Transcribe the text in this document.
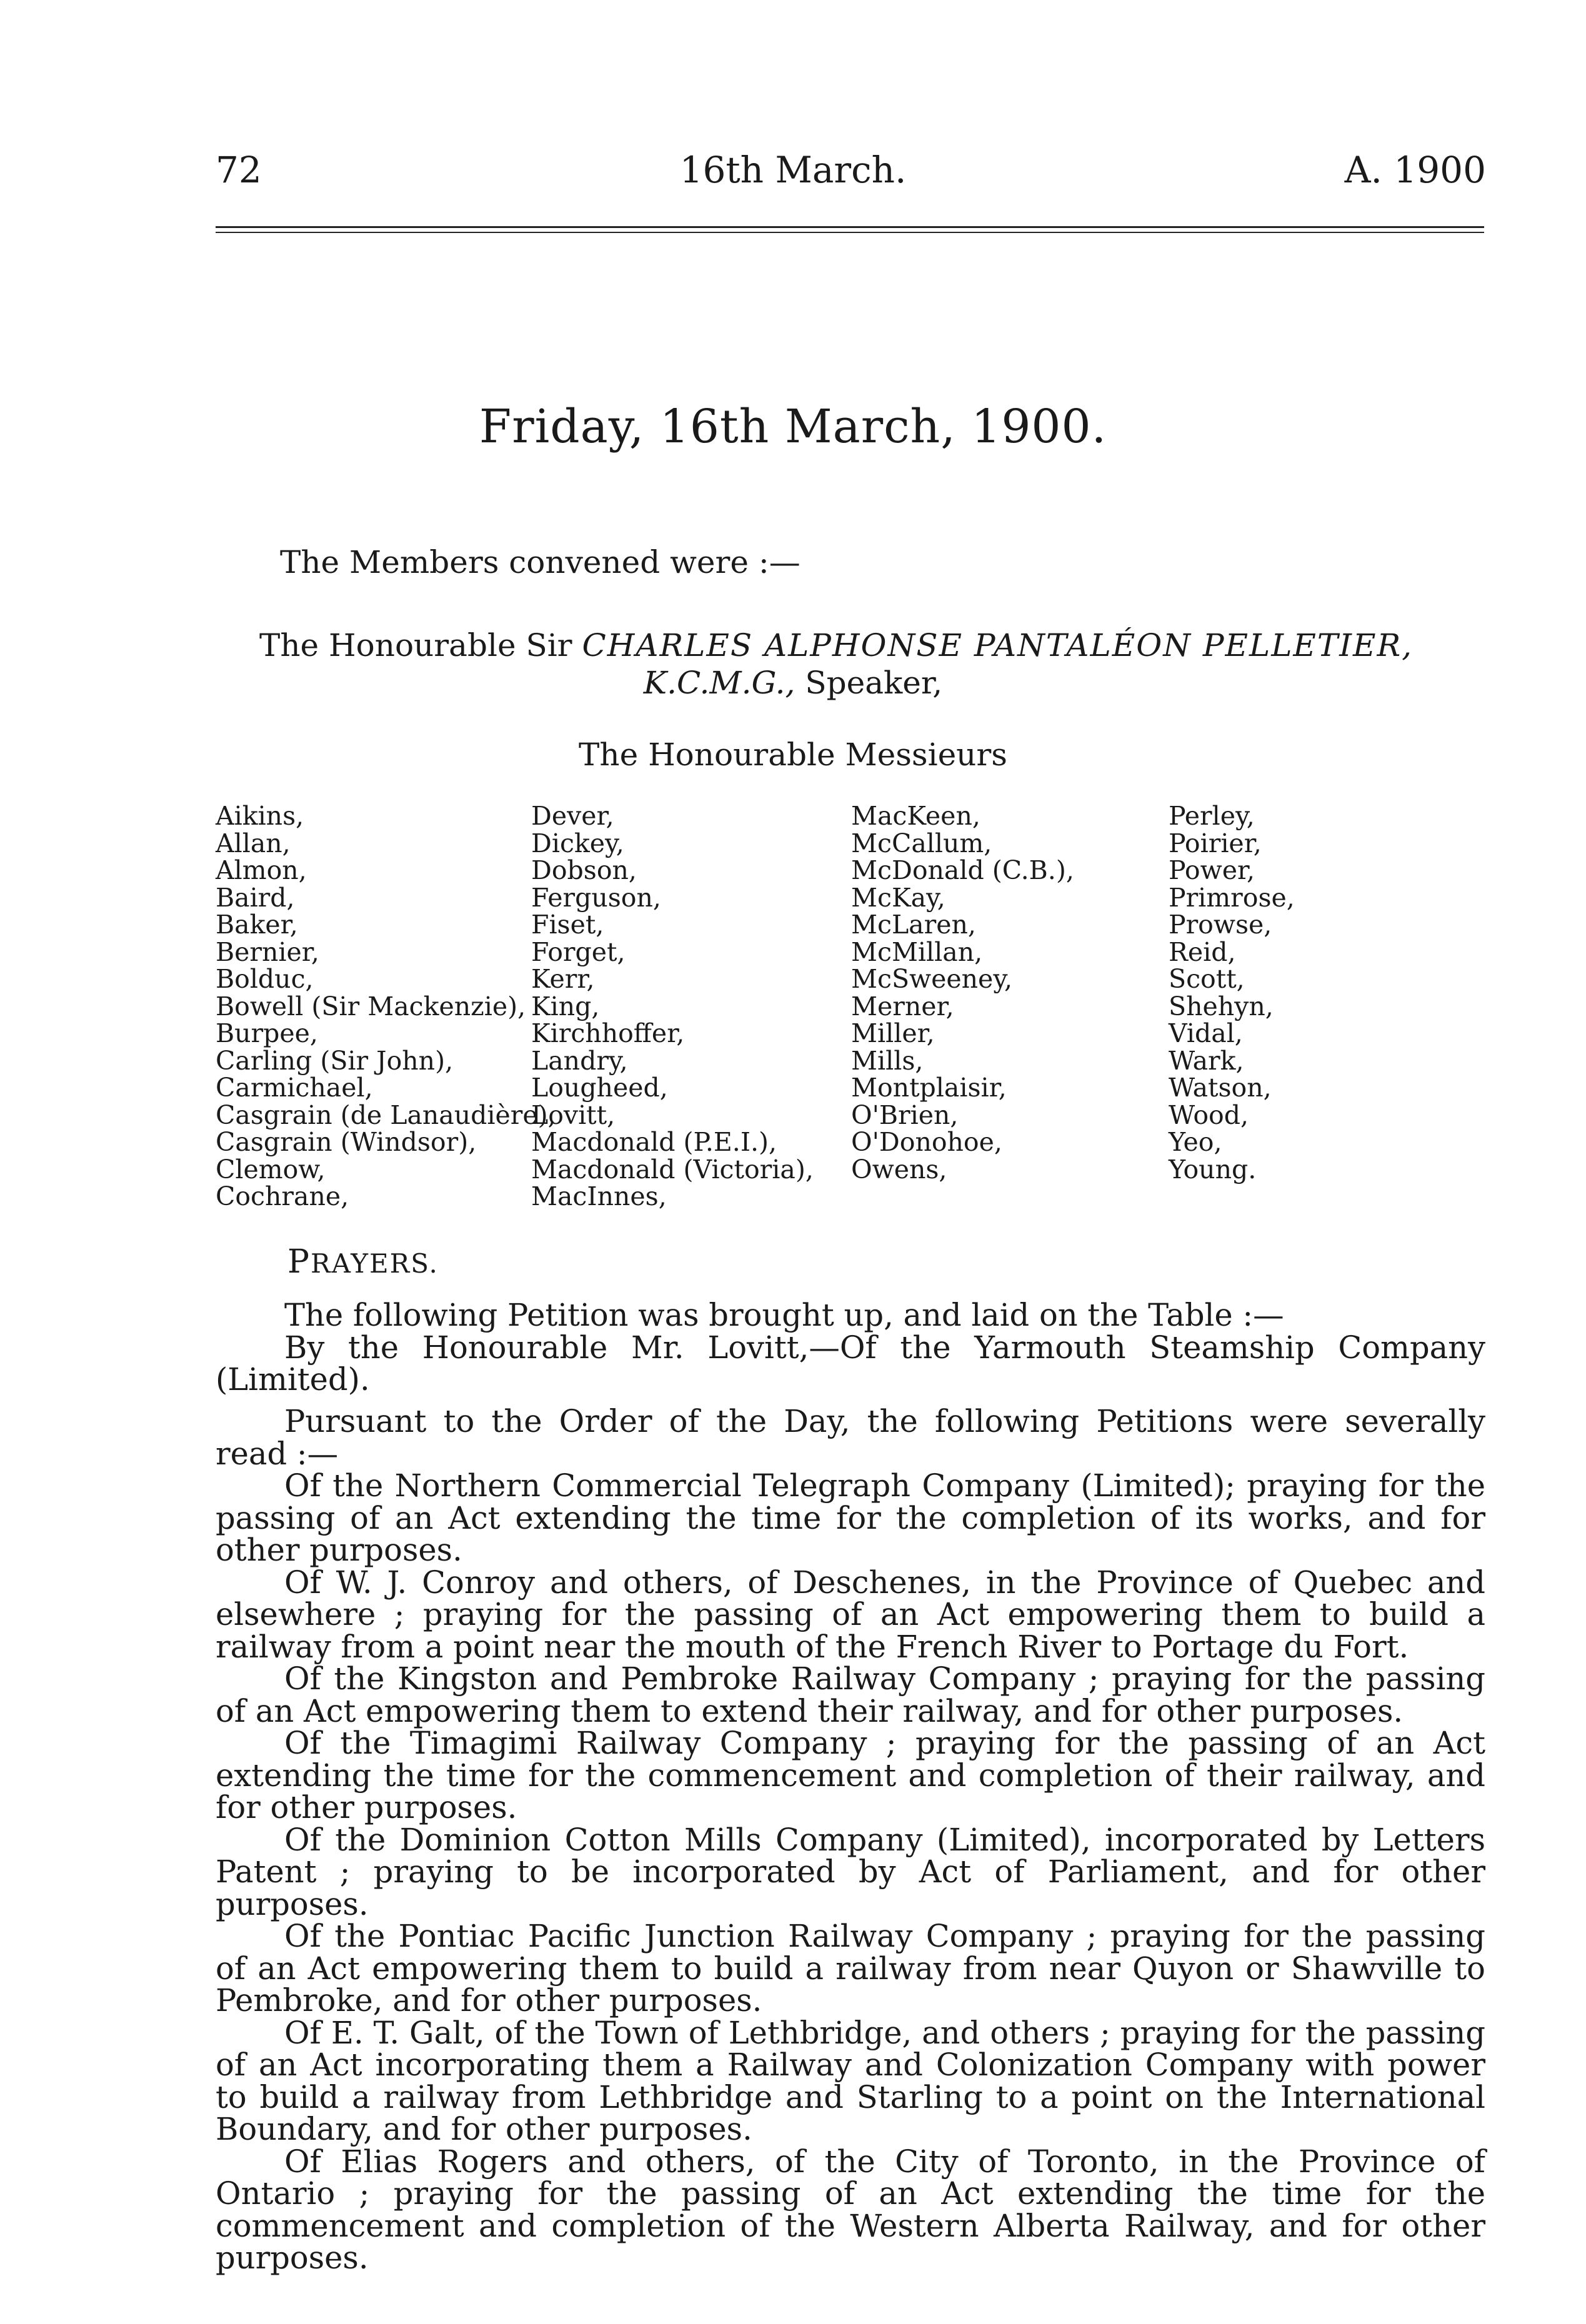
72	16th March.	A. 1900
Friday, 16th March, 1900.
The Members convened were :—
The Honourable Sir CHARLES ALPHONSE PANTALÉON PELLETIER,
K.C.M.G., Speaker,
The Honourable Messieurs
Aikins,
Allan,
Almon,
Baird,
Baker,
Bernier,
Bolduc,
Bowell (Sir Mackenzie),
Burpee,
Carling (Sir John),
Carmichael,
Casgrain (de Lanaudière),
Casgrain (Windsor),
Clemow,
Cochrane,
Dever,
Dickey,
Dobson,
Ferguson,
Fiset,
Forget,
Kerr,
King,
Kirchhoffer,
Landry,
Lougheed,
Lovitt,
Macdonald (P.E.I.),
Macdonald (Victoria),
MacInnes,
MacKeen,
McCallum,
McDonald (C.B.),
McKay,
McLaren,
McMillan,
McSweeney,
Merner,
Miller,
Mills,
Montplaisir,
O'Brien,
O'Donohoe,
Owens,
Perley,
Poirier,
Power,
Primrose,
Prowse,
Reid,
Scott,
Shehyn,
Vidal,
Wark,
Watson,
Wood,
Yeo,
Young.
PRAYERS.

The following Petition was brought up, and laid on the Table :—

By the Honourable Mr. Lovitt,—Of the Yarmouth Steamship Company (Limited).

Pursuant to the Order of the Day, the following Petitions were severally read :—

Of the Northern Commercial Telegraph Company (Limited); praying for the passing of an Act extending the time for the completion of its works, and for other purposes.

Of W. J. Conroy and others, of Deschenes, in the Province of Quebec and elsewhere ; praying for the passing of an Act empowering them to build a railway from a point near the mouth of the French River to Portage du Fort.

Of the Kingston and Pembroke Railway Company ; praying for the passing of an Act empowering them to extend their railway, and for other purposes.

Of the Timagimi Railway Company ; praying for the passing of an Act extending the time for the commencement and completion of their railway, and for other purposes.

Of the Dominion Cotton Mills Company (Limited), incorporated by Letters Patent ; praying to be incorporated by Act of Parliament, and for other purposes.

Of the Pontiac Pacific Junction Railway Company ; praying for the passing of an Act empowering them to build a railway from near Quyon or Shawville to Pembroke, and for other purposes.

Of E. T. Galt, of the Town of Lethbridge, and others ; praying for the passing of an Act incorporating them a Railway and Colonization Company with power to build a railway from Lethbridge and Starling to a point on the International Boundary, and for other purposes.

Of Elias Rogers and others, of the City of Toronto, in the Province of Ontario ; praying for the passing of an Act extending the time for the commencement and completion of the Western Alberta Railway, and for other purposes.
